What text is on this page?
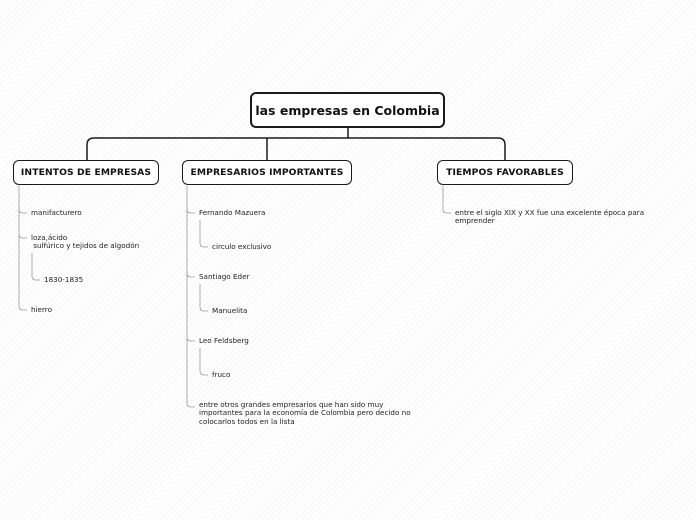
las empresas en Colombia
INTENTOS DE EMPRESAS	EMPRESARIOS IMPORTANTES	TIEMPOS FAVORABLES
manifacturero
loza,ácido
sulfúrico y tejidos de algodón
1830-1835
hierro
Fernando Mazuera
circulo exclusivo
Santiago Eder
Manuelita
Leo Feldsberg
fruco
entre otros grandes empresarios que han sido muy
importantes para la economía de Colombia pero decido no
colocarlos todos en la lista
entre el siglo XIX y XX fue una excelente época para
emprender
